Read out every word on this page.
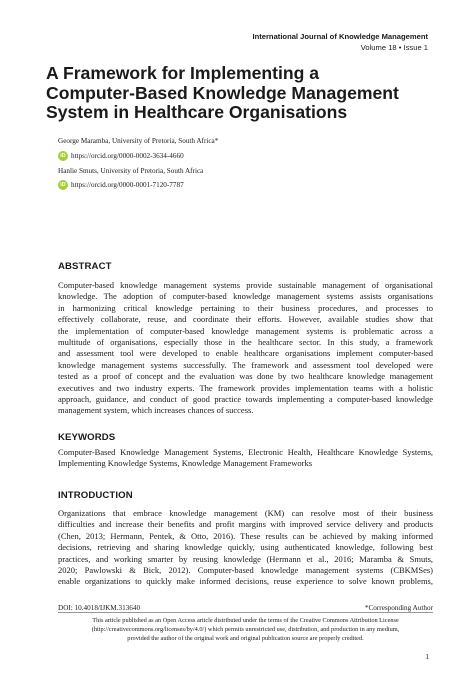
International Journal of Knowledge Management
Volume 18 • Issue 1
A Framework for Implementing a
Computer-Based Knowledge Management
System in Healthcare Organisations
George Maramba, University of Pretoria, South Africa*
iD https://orcid.org/0000-0002-3634-4660
Hanlie Smuts, University of Pretoria, South Africa
iD https://orcid.org/0000-0001-7120-7787
ABSTRACT
Computer-based knowledge management systems provide sustainable management of organisational
knowledge. The adoption of computer-based knowledge management systems assists organisations
in harmonizing critical knowledge pertaining to their business procedures, and processes to
effectively collaborate, reuse, and coordinate their efforts. However, available studies show that
the implementation of computer-based knowledge management systems is problematic across a
multitude of organisations, especially those in the healthcare sector. In this study, a framework
and assessment tool were developed to enable healthcare organisations implement computer-based
knowledge management systems successfully. The framework and assessment tool developed were
tested as a proof of concept and the evaluation was done by two healthcare knowledge management
executives and two industry experts. The framework provides implementation teams with a holistic
approach, guidance, and conduct of good practice towards implementing a computer-based knowledge
management system, which increases chances of success.
KEYWORDS
Computer-Based Knowledge Management Systems, Electronic Health, Healthcare Knowledge Systems,
Implementing Knowledge Systems, Knowledge Management Frameworks
INTRODUCTION
Organizations that embrace knowledge management (KM) can resolve most of their business
difficulties and increase their benefits and profit margins with improved service delivery and products
(Chen, 2013; Hermann, Pentek, & Otto, 2016). These results can be achieved by making informed
decisions, retrieving and sharing knowledge quickly, using authenticated knowledge, following best
practices, and working smarter by reusing knowledge (Hermann et al., 2016; Maramba & Smuts,
2020; Pawlowski & Bick, 2012). Computer-based knowledge management systems (CBKMSes)
enable organizations to quickly make informed decisions, reuse experience to solve known problems,
DOI: 10.4018/IJKM.313640	*Corresponding Author
This article published as an Open Access article distributed under the terms of the Creative Commons Attribution License
(http://creativecommons.org/licenses/by/4.0/) which permits unrestricted use, distribution, and production in any medium,
provided the author of the original work and original publication source are properly credited.
1
